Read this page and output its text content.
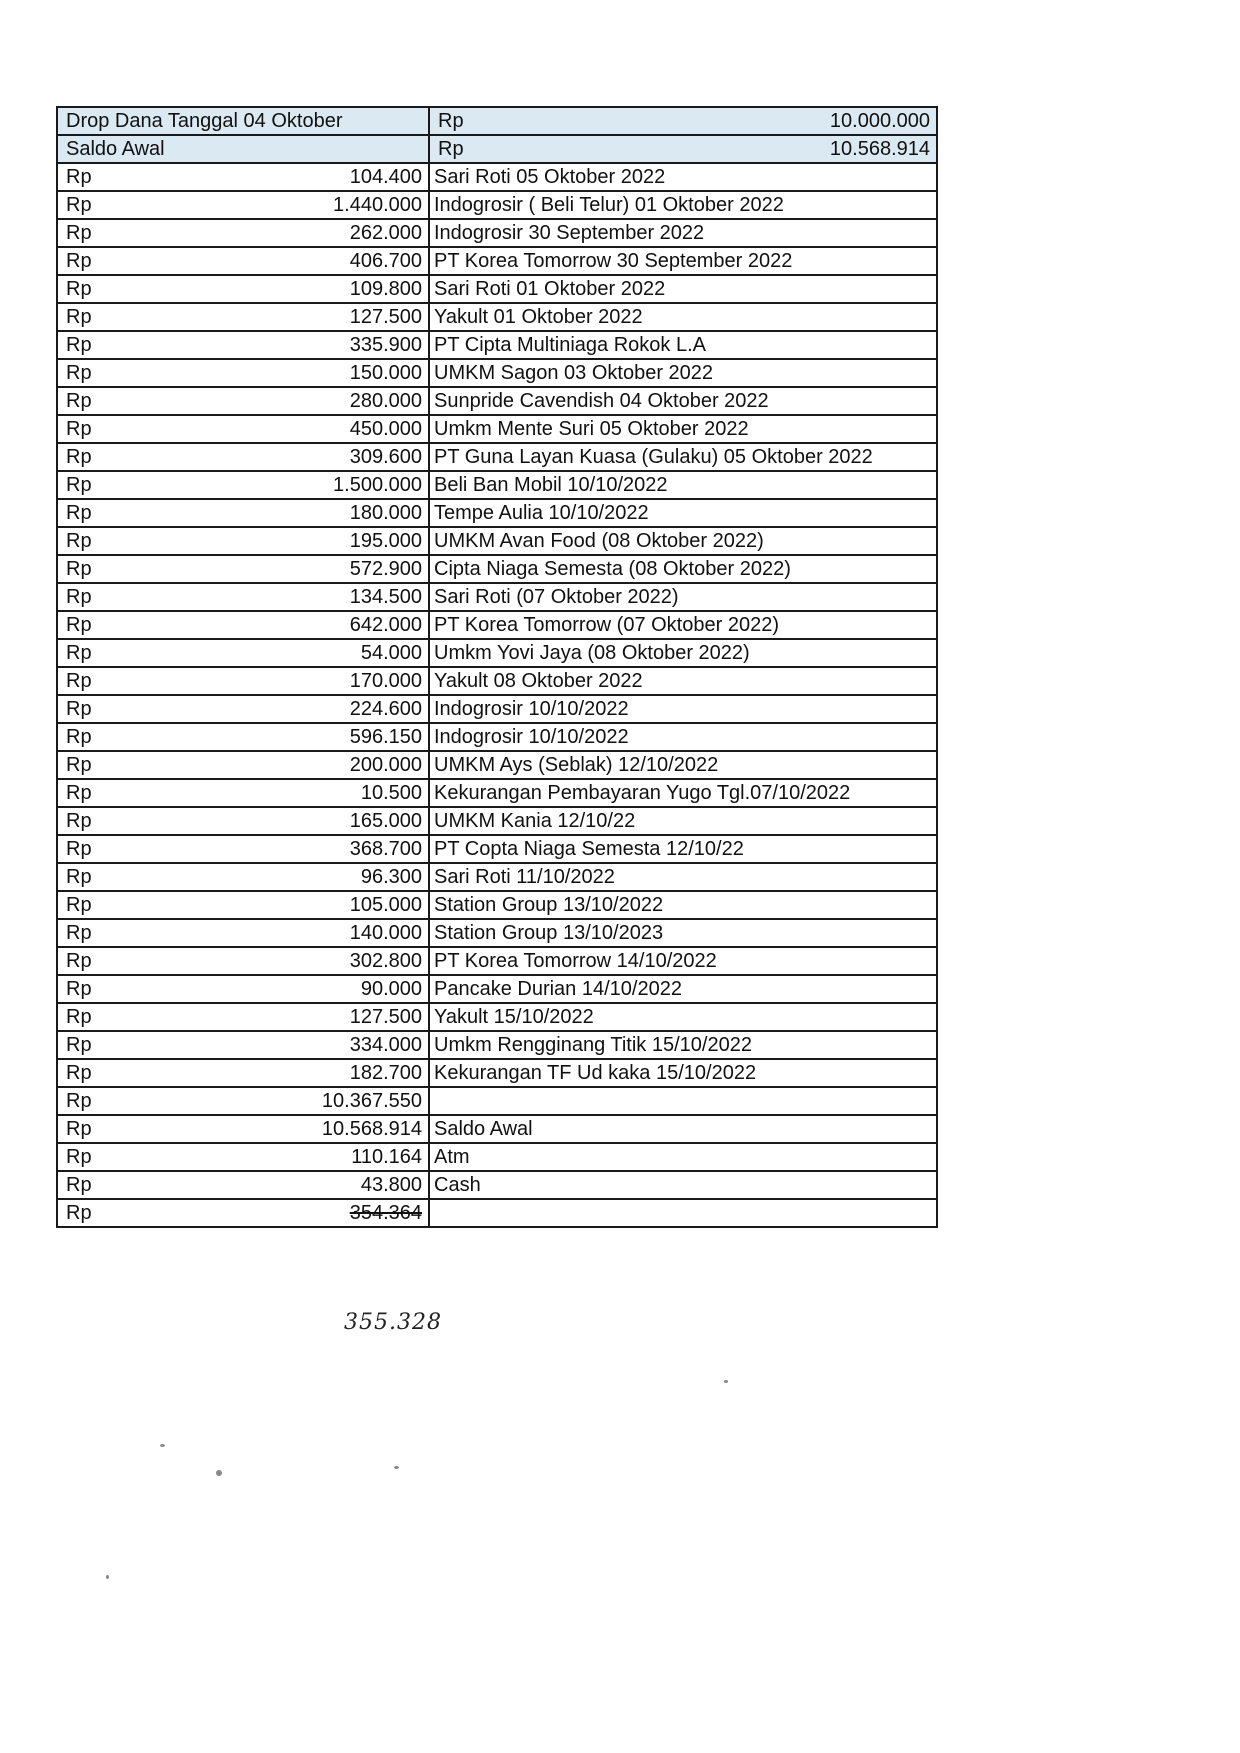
Drop Dana Tanggal 04 Oktober	Rp 10.000.000

Saldo Awal	Rp 10.568.914

Rp 104.400	Sari Roti 05 Oktober 2022

Rp 1.440.000	Indogrosir ( Beli Telur) 01 Oktober 2022

Rp 262.000	Indogrosir 30 September 2022

Rp 406.700	PT Korea Tomorrow 30 September 2022

Rp 109.800	Sari Roti 01 Oktober 2022

Rp 127.500	Yakult 01 Oktober 2022

Rp 335.900	PT Cipta Multiniaga Rokok L.A

Rp 150.000	UMKM Sagon 03 Oktober 2022

Rp 280.000	Sunpride Cavendish 04 Oktober 2022

Rp 450.000	Umkm Mente Suri 05 Oktober 2022

Rp 309.600	PT Guna Layan Kuasa (Gulaku) 05 Oktober 2022

Rp 1.500.000	Beli Ban Mobil 10/10/2022

Rp 180.000	Tempe Aulia 10/10/2022

Rp 195.000	UMKM Avan Food (08 Oktober 2022)

Rp 572.900	Cipta Niaga Semesta (08 Oktober 2022)

Rp 134.500	Sari Roti (07 Oktober 2022)

Rp 642.000	PT Korea Tomorrow (07 Oktober 2022)

Rp 54.000	Umkm Yovi Jaya (08 Oktober 2022)

Rp 170.000	Yakult 08 Oktober 2022

Rp 224.600	Indogrosir 10/10/2022

Rp 596.150	Indogrosir 10/10/2022

Rp 200.000	UMKM Ays (Seblak) 12/10/2022

Rp 10.500	Kekurangan Pembayaran Yugo Tgl.07/10/2022

Rp 165.000	UMKM Kania 12/10/22

Rp 368.700	PT Copta Niaga Semesta 12/10/22

Rp 96.300	Sari Roti 11/10/2022

Rp 105.000	Station Group 13/10/2022

Rp 140.000	Station Group 13/10/2023

Rp 302.800	PT Korea Tomorrow 14/10/2022

Rp 90.000	Pancake Durian 14/10/2022

Rp 127.500	Yakult 15/10/2022

Rp 334.000	Umkm Rengginang Titik 15/10/2022

Rp 182.700	Kekurangan TF Ud kaka 15/10/2022

Rp 10.367.550	

Rp 10.568.914	Saldo Awal

Rp 110.164	Atm

Rp 43.800	Cash

Rp 354.364	

355.328
